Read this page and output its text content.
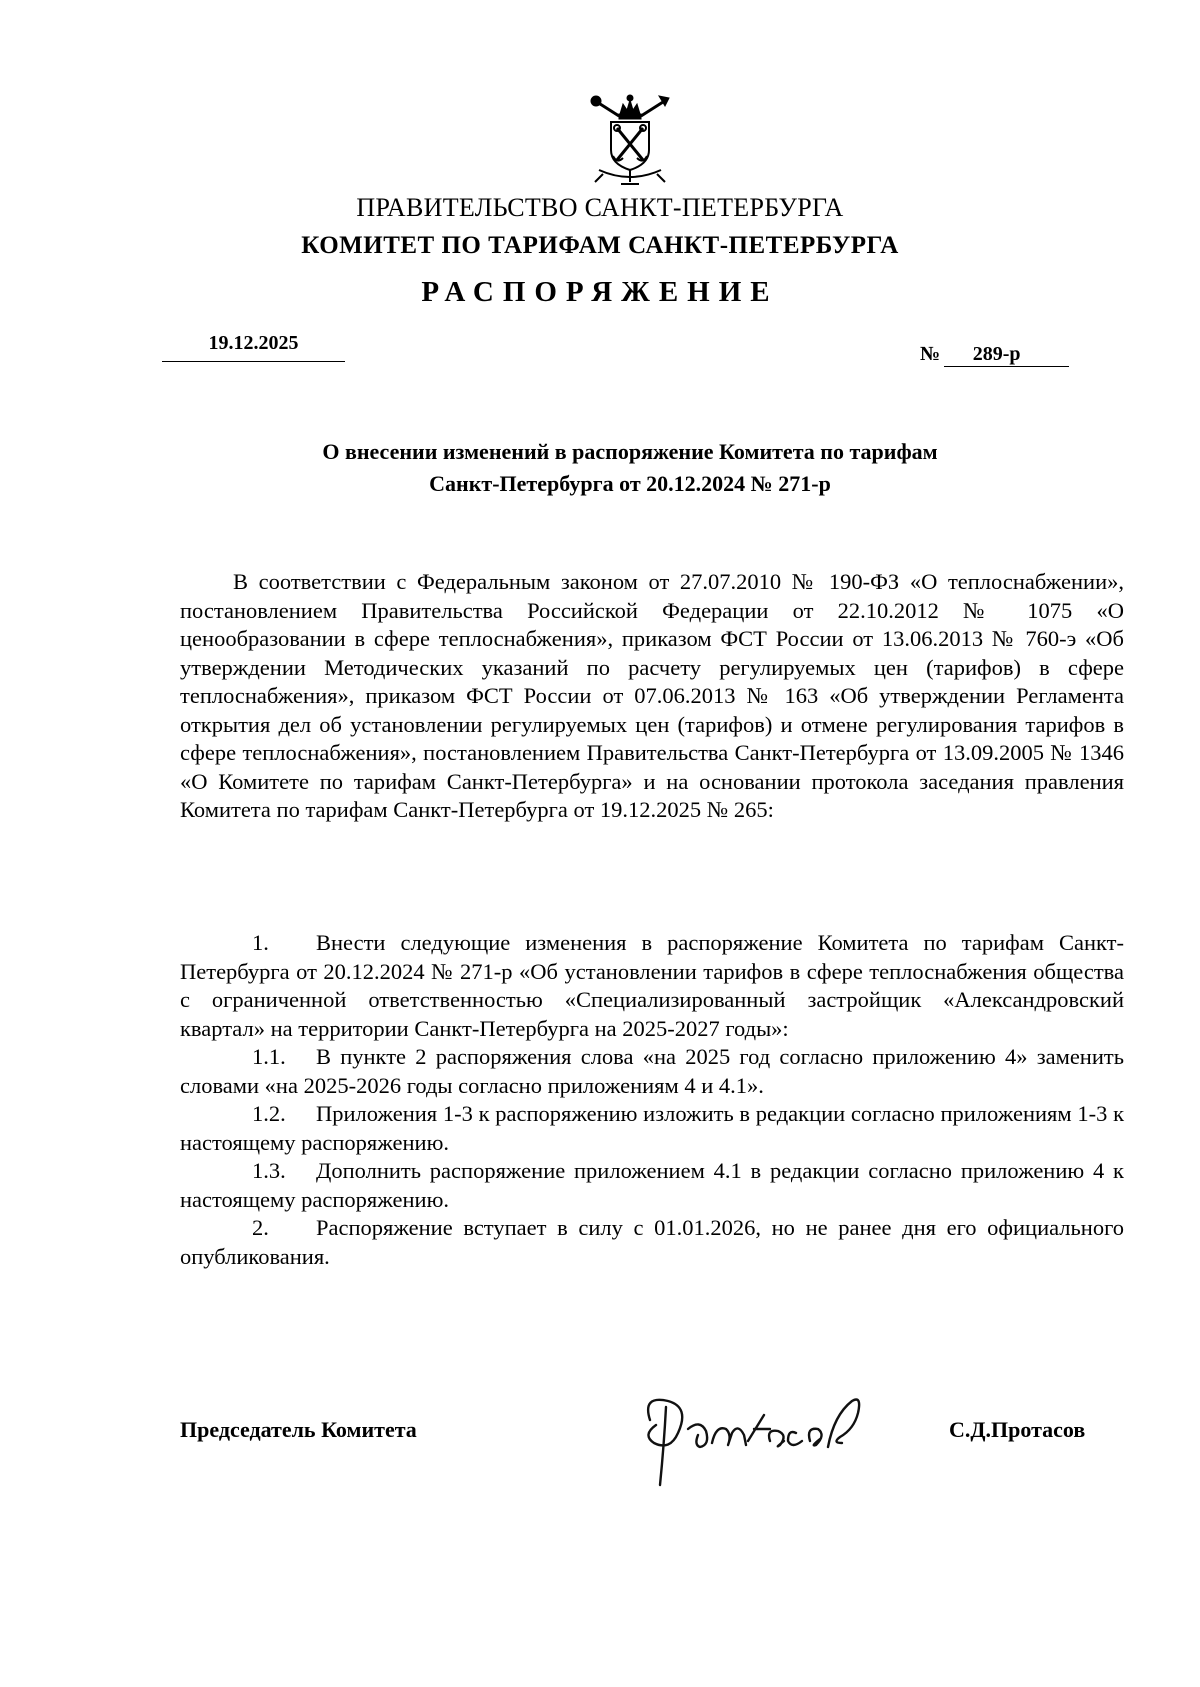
ПРАВИТЕЛЬСТВО САНКТ-ПЕТЕРБУРГА
КОМИТЕТ ПО ТАРИФАМ САНКТ-ПЕТЕРБУРГА
РАСПОРЯЖЕНИЕ
19.12.2025	№ 289-р
О внесении изменений в распоряжение Комитета по тарифам
Санкт-Петербурга от 20.12.2024 № 271-р

В соответствии с Федеральным законом от 27.07.2010 № 190-ФЗ «О теплоснабжении», постановлением Правительства Российской Федерации от 22.10.2012 № 1075 «О ценообразовании в сфере теплоснабжения», приказом ФСТ России от 13.06.2013 № 760-э «Об утверждении Методических указаний по расчету регулируемых цен (тарифов) в сфере теплоснабжения», приказом ФСТ России от 07.06.2013 № 163 «Об утверждении Регламента открытия дел об установлении регулируемых цен (тарифов) и отмене регулирования тарифов в сфере теплоснабжения», постановлением Правительства Санкт-Петербурга от 13.09.2005 № 1346 «О Комитете по тарифам Санкт-Петербурга» и на основании протокола заседания правления Комитета по тарифам Санкт-Петербурга от 19.12.2025 № 265:

1. Внести следующие изменения в распоряжение Комитета по тарифам Санкт-Петербурга от 20.12.2024 № 271-р «Об установлении тарифов в сфере теплоснабжения общества с ограниченной ответственностью «Специализированный застройщик «Александровский квартал» на территории Санкт-Петербурга на 2025-2027 годы»:

1.1. В пункте 2 распоряжения слова «на 2025 год согласно приложению 4» заменить словами «на 2025-2026 годы согласно приложениям 4 и 4.1».

1.2. Приложения 1-3 к распоряжению изложить в редакции согласно приложениям 1-3 к настоящему распоряжению.

1.3. Дополнить распоряжение приложением 4.1 в редакции согласно приложению 4 к настоящему распоряжению.

2. Распоряжение вступает в силу с 01.01.2026, но не ранее дня его официального опубликования.

Председатель Комитета	С.Д.Протасов
